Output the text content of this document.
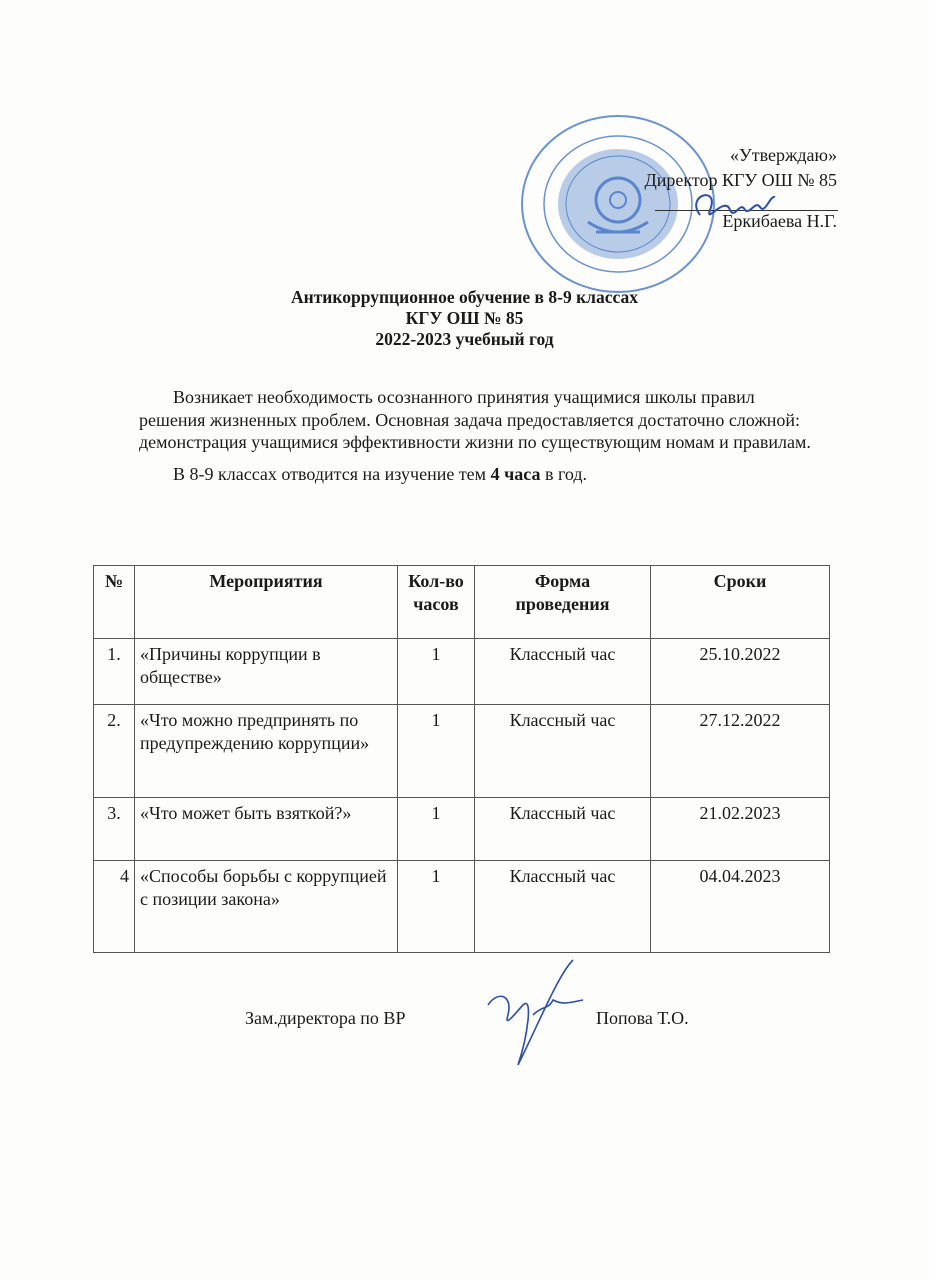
«Утверждаю»
Директор КГУ ОШ № 85
Еркибаева Н.Г.
Антикоррупционное обучение в 8-9 классах
КГУ ОШ № 85
2022-2023 учебный год

Возникает необходимость осознанного принятия учащимися школы правил решения жизненных проблем. Основная задача предоставляется достаточно сложной: демонстрация учащимися эффективности жизни по существующим номам и правилам.

В 8-9 классах отводится на изучение тем 4 часа в год.

№	Мероприятия	Кол-во часов	Форма проведения	Сроки
1.	«Причины коррупции в обществе»	1	Классный час	25.10.2022
2.	«Что можно предпринять по предупреждению коррупции»	1	Классный час	27.12.2022
3.	«Что может быть взяткой?»	1	Классный час	21.02.2023
4	«Способы борьбы с коррупцией с позиции закона»	1	Классный час	04.04.2023
Зам.директора по ВР	Попова Т.О.
